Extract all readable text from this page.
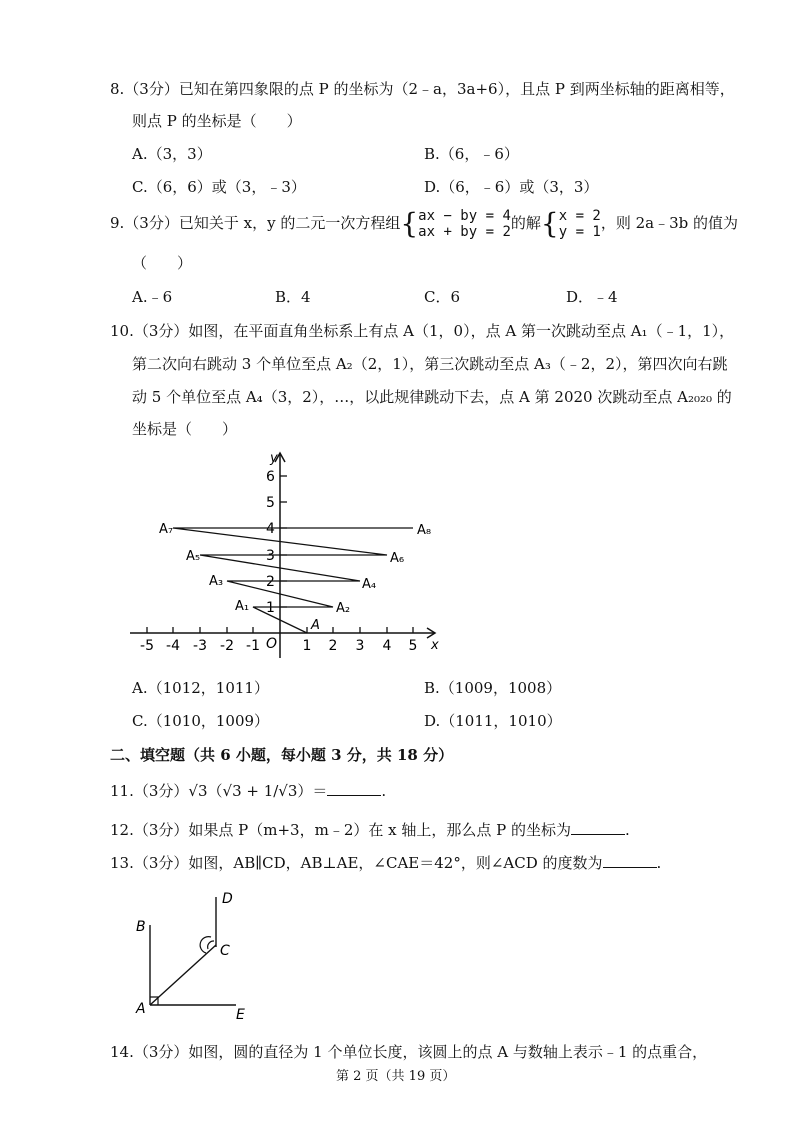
8.（3分）已知在第四象限的点 P 的坐标为（2﹣a，3a+6），且点 P 到两坐标轴的距离相等，
则点 P 的坐标是（　　）
A.（3，3）	B.（6，﹣6）
C.（6，6）或（3，﹣3）	D.（6，﹣6）或（3，3）
9.（3分）已知关于 x，y 的二元一次方程组{ax − by = 4
ax + by = 2的解{x = 2
y = 1，则 2a﹣3b 的值为
（　　）
A.﹣6	B．4	C．6	D．﹣4
10.（3分）如图，在平面直角坐标系上有点 A（1，0），点 A 第一次跳动至点 A₁（﹣1，1），
第二次向右跳动 3 个单位至点 A₂（2，1），第三次跳动至点 A₃（﹣2，2），第四次向右跳
动 5 个单位至点 A₄（3，2），…，以此规律跳动下去，点 A 第 2020 次跳动至点 A₂₀₂₀ 的
坐标是（　　）
y
x
O
1
2
3
4
5
6
-5 -4 -3 -2 -1	1 2 3 4 5
A
A₁	A₂
A₃	A₄
A₅	A₆
A₇	A₈
A.（1012，1011）	B.（1009，1008）
C.（1010，1009）	D.（1011，1010）
二、填空题（共 6 小题，每小题 3 分，共 18 分）
11.（3分）√3（√3 + 1/√3）＝	.
12.（3分）如果点 P（m+3，m﹣2）在 x 轴上，那么点 P 的坐标为	.
13.（3分）如图，AB∥CD，AB⊥AE，∠CAE＝42°，则∠ACD 的度数为	.
A
B
C
D
E
14.（3分）如图，圆的直径为 1 个单位长度，该圆上的点 A 与数轴上表示﹣1 的点重合，
第 2 页（共 19 页）
